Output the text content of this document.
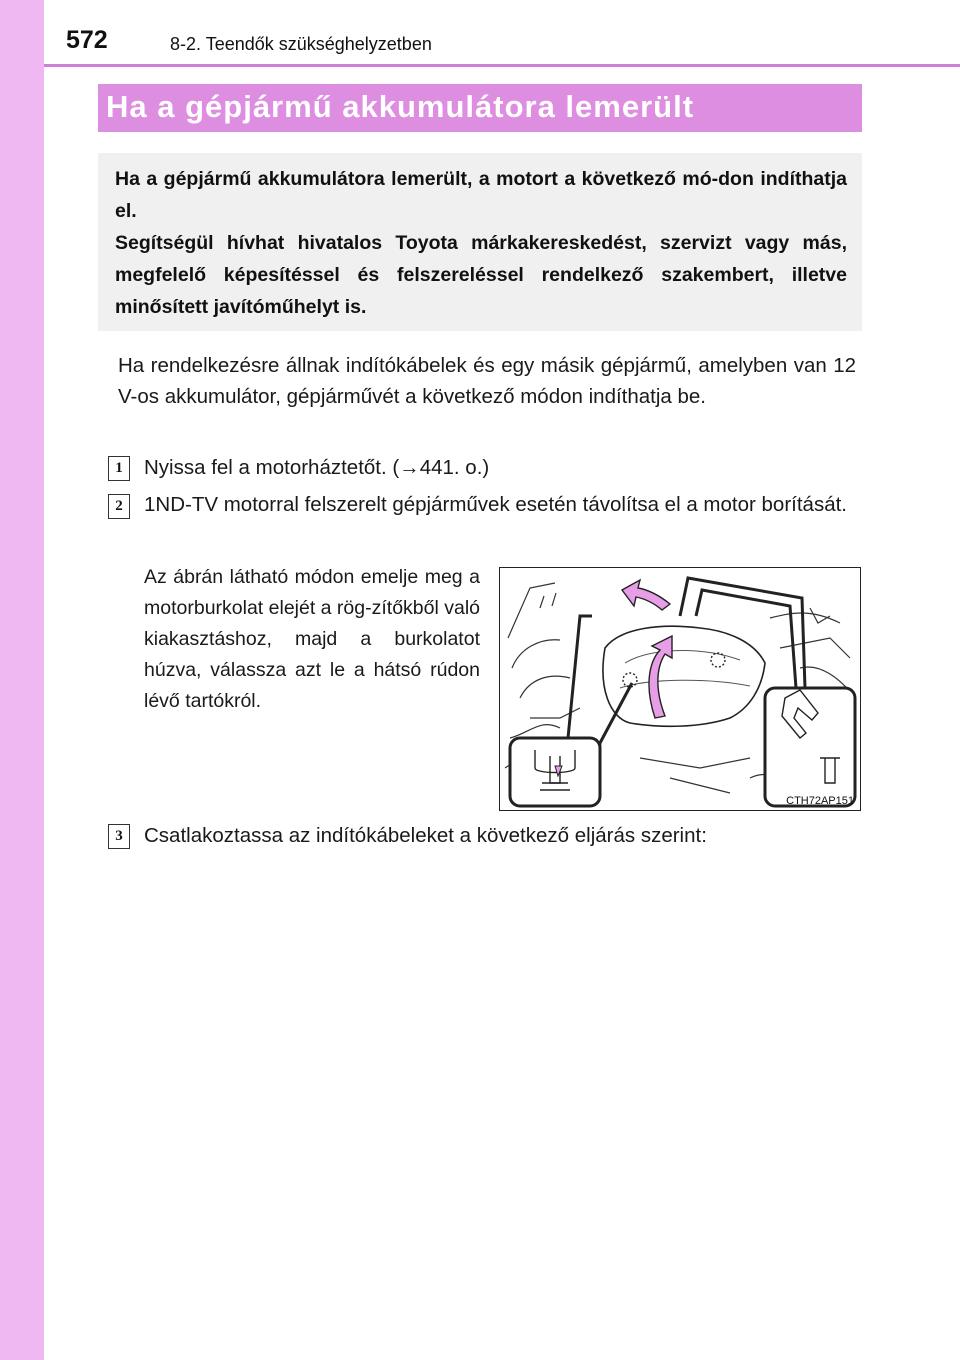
572	8-2. Teendők szükséghelyzetben
Ha a gépjármű akkumulátora lemerült

Ha a gépjármű akkumulátora lemerült, a motort a következő mó-don indíthatja el.

Segítségül hívhat hivatalos Toyota márkakereskedést, szervizt vagy más, megfelelő képesítéssel és felszereléssel rendelkező szakembert, illetve minősített javítóműhelyt is.

Ha rendelkezésre állnak indítókábelek és egy másik gépjármű, amelyben van 12 V-os akkumulátor, gépjárművét a következő módon indíthatja be.
1	Nyissa fel a motorháztetőt. (→441. o.)
2	1ND-TV motorral felszerelt gépjárművek esetén távolítsa el a motor borítását.
Az ábrán látható módon emelje meg a motorburkolat elejét a rög-zítőkből való kiakasztáshoz, majd a burkolatot húzva, válassza azt le a hátsó rúdon lévő tartókról.
CTH72AP151
3	Csatlakoztassa az indítókábeleket a következő eljárás szerint:
